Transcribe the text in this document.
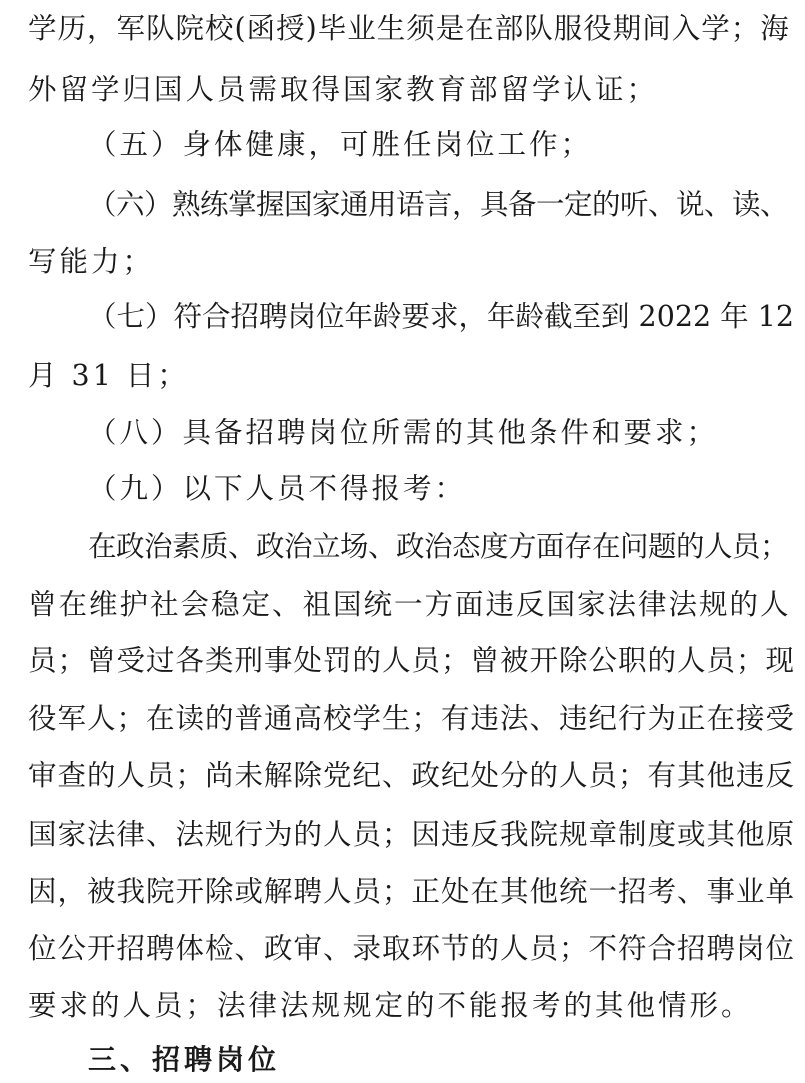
学历，军队院校(函授)毕业生须是在部队服役期间入学；海
外留学归国人员需取得国家教育部留学认证；
（五）身体健康，可胜任岗位工作；
（六）熟练掌握国家通用语言，具备一定的听、说、读、
写能力；
（七）符合招聘岗位年龄要求，年龄截至到 2022 年 12
月 31 日；
（八）具备招聘岗位所需的其他条件和要求；
（九）以下人员不得报考：
在政治素质、政治立场、政治态度方面存在问题的人员；
曾在维护社会稳定、祖国统一方面违反国家法律法规的人
员；曾受过各类刑事处罚的人员；曾被开除公职的人员；现
役军人；在读的普通高校学生；有违法、违纪行为正在接受
审查的人员；尚未解除党纪、政纪处分的人员；有其他违反
国家法律、法规行为的人员；因违反我院规章制度或其他原
因，被我院开除或解聘人员；正处在其他统一招考、事业单
位公开招聘体检、政审、录取环节的人员；不符合招聘岗位
要求的人员；法律法规规定的不能报考的其他情形。
三、招聘岗位
